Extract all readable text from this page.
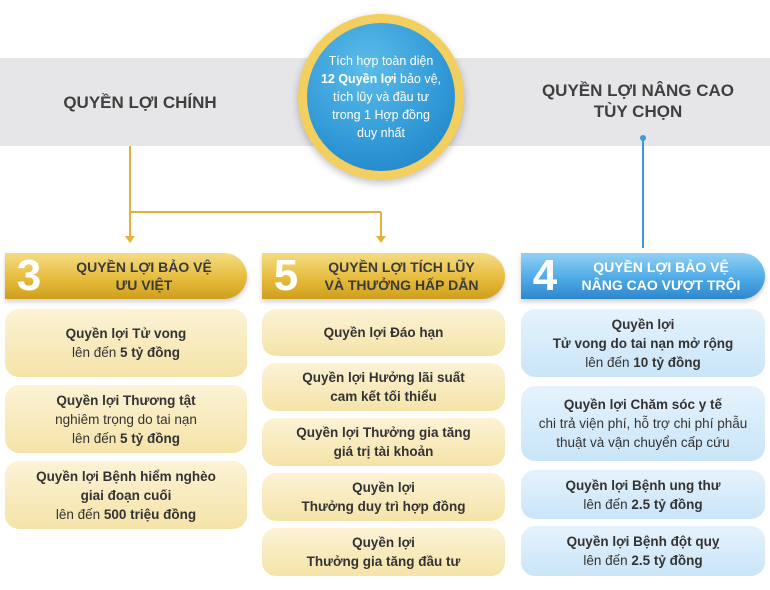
QUYỀN LỢI CHÍNH
QUYỀN LỢI NÂNG CAO
TÙY CHỌN
Tích hợp toàn diện
12 Quyền lợi bảo vệ,
tích lũy và đầu tư
trong 1 Hợp đồng
duy nhất
3	QUYỀN LỢI BẢO VỆ
ƯU VIỆT	5	QUYỀN LỢI TÍCH LŨY
VÀ THƯỞNG HẤP DẪN	4	QUYỀN LỢI BẢO VỆ
NÂNG CAO VƯỢT TRỘI
Quyền lợi Tử vong
lên đến 5 tỷ đồng
Quyền lợi Thương tật
nghiêm trọng do tai nạn
lên đến 5 tỷ đồng
Quyền lợi Bệnh hiểm nghèo
giai đoạn cuối
lên đến 500 triệu đồng
Quyền lợi Đáo hạn
Quyền lợi Hưởng lãi suất
cam kết tối thiểu
Quyền lợi Thưởng gia tăng
giá trị tài khoản
Quyền lợi
Thưởng duy trì hợp đồng
Quyền lợi
Thưởng gia tăng đầu tư
Quyền lợi
Tử vong do tai nạn mở rộng
lên đến 10 tỷ đồng
Quyền lợi Chăm sóc y tế
chi trả viện phí, hỗ trợ chi phí phẫu
thuật và vận chuyển cấp cứu
Quyền lợi Bệnh ung thư
lên đến 2.5 tỷ đồng
Quyền lợi Bệnh đột quỵ
lên đến 2.5 tỷ đồng
